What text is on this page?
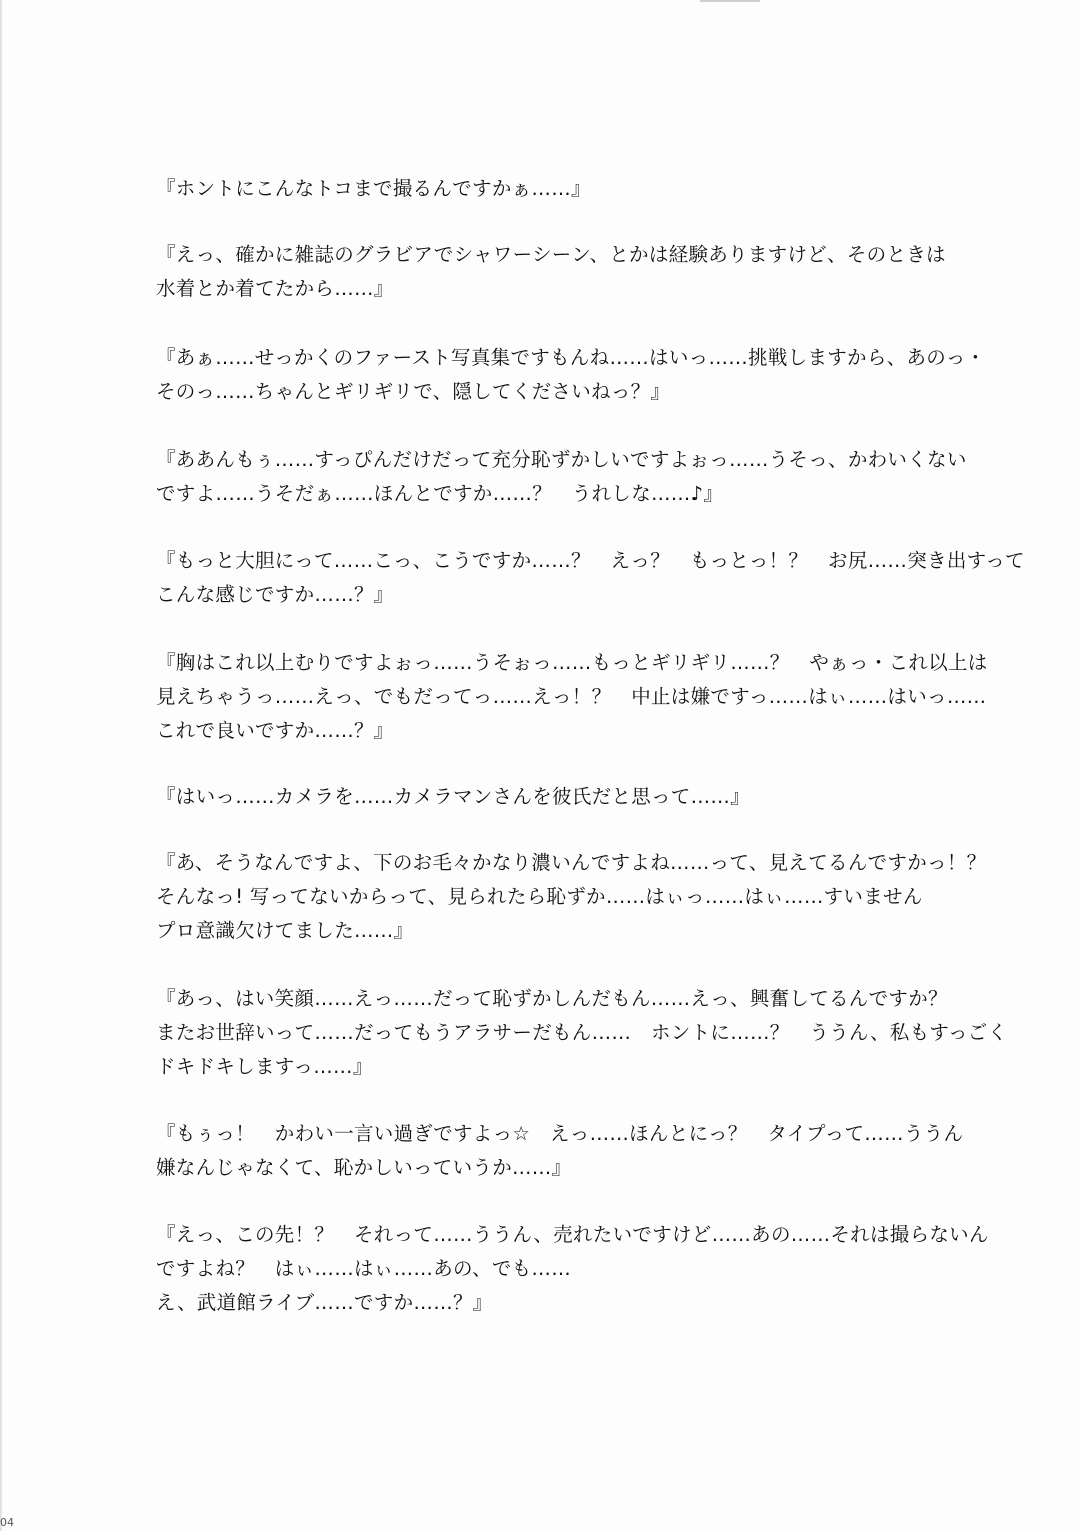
『ホントにこんなトコまで撮るんですかぁ……』
『えっ、確かに雑誌のグラビアでシャワーシーン、とかは経験ありますけど、そのときは
水着とか着てたから……』
『あぁ……せっかくのファースト写真集ですもんね……はいっ……挑戦しますから、あのっ・
そのっ……ちゃんとギリギリで、隠してくださいねっ？』
『ああんもぅ……すっぴんだけだって充分恥ずかしいですよぉっ……うそっ、かわいくない
ですよ……うそだぁ……ほんとですか……？　うれしな……♪』
『もっと大胆にって……こっ、こうですか……？　えっ？　もっとっ！？　お尻……突き出すって
こんな感じですか……？』
『胸はこれ以上むりですよぉっ……うそぉっ……もっとギリギリ……？　やぁっ・これ以上は
見えちゃうっ……えっ、でもだってっ……えっ！？　中止は嫌ですっ……はぃ……はいっ……
これで良いですか……？』
『はいっ……カメラを……カメラマンさんを彼氏だと思って……』
『あ、そうなんですよ、下のお毛々かなり濃いんですよね……って、見えてるんですかっ！？
そんなっ! 写ってないからって、見られたら恥ずか……はぃっ……はぃ……すいません
プロ意識欠けてました……』
『あっ、はい笑顔……えっ……だって恥ずかしんだもん……えっ、興奮してるんですか？
またお世辞いって……だってもうアラサーだもん……　ホントに……？　ううん、私もすっごく
ドキドキしますっ……』
『もぅっ！　かわい一言い過ぎですよっ☆　えっ……ほんとにっ？　タイプって……ううん
嫌なんじゃなくて、恥かしいっていうか……』
『えっ、この先！？　それって……ううん、売れたいですけど……あの……それは撮らないん
ですよね？　はぃ……はぃ……あの、でも……
え、武道館ライブ……ですか……？』
04
